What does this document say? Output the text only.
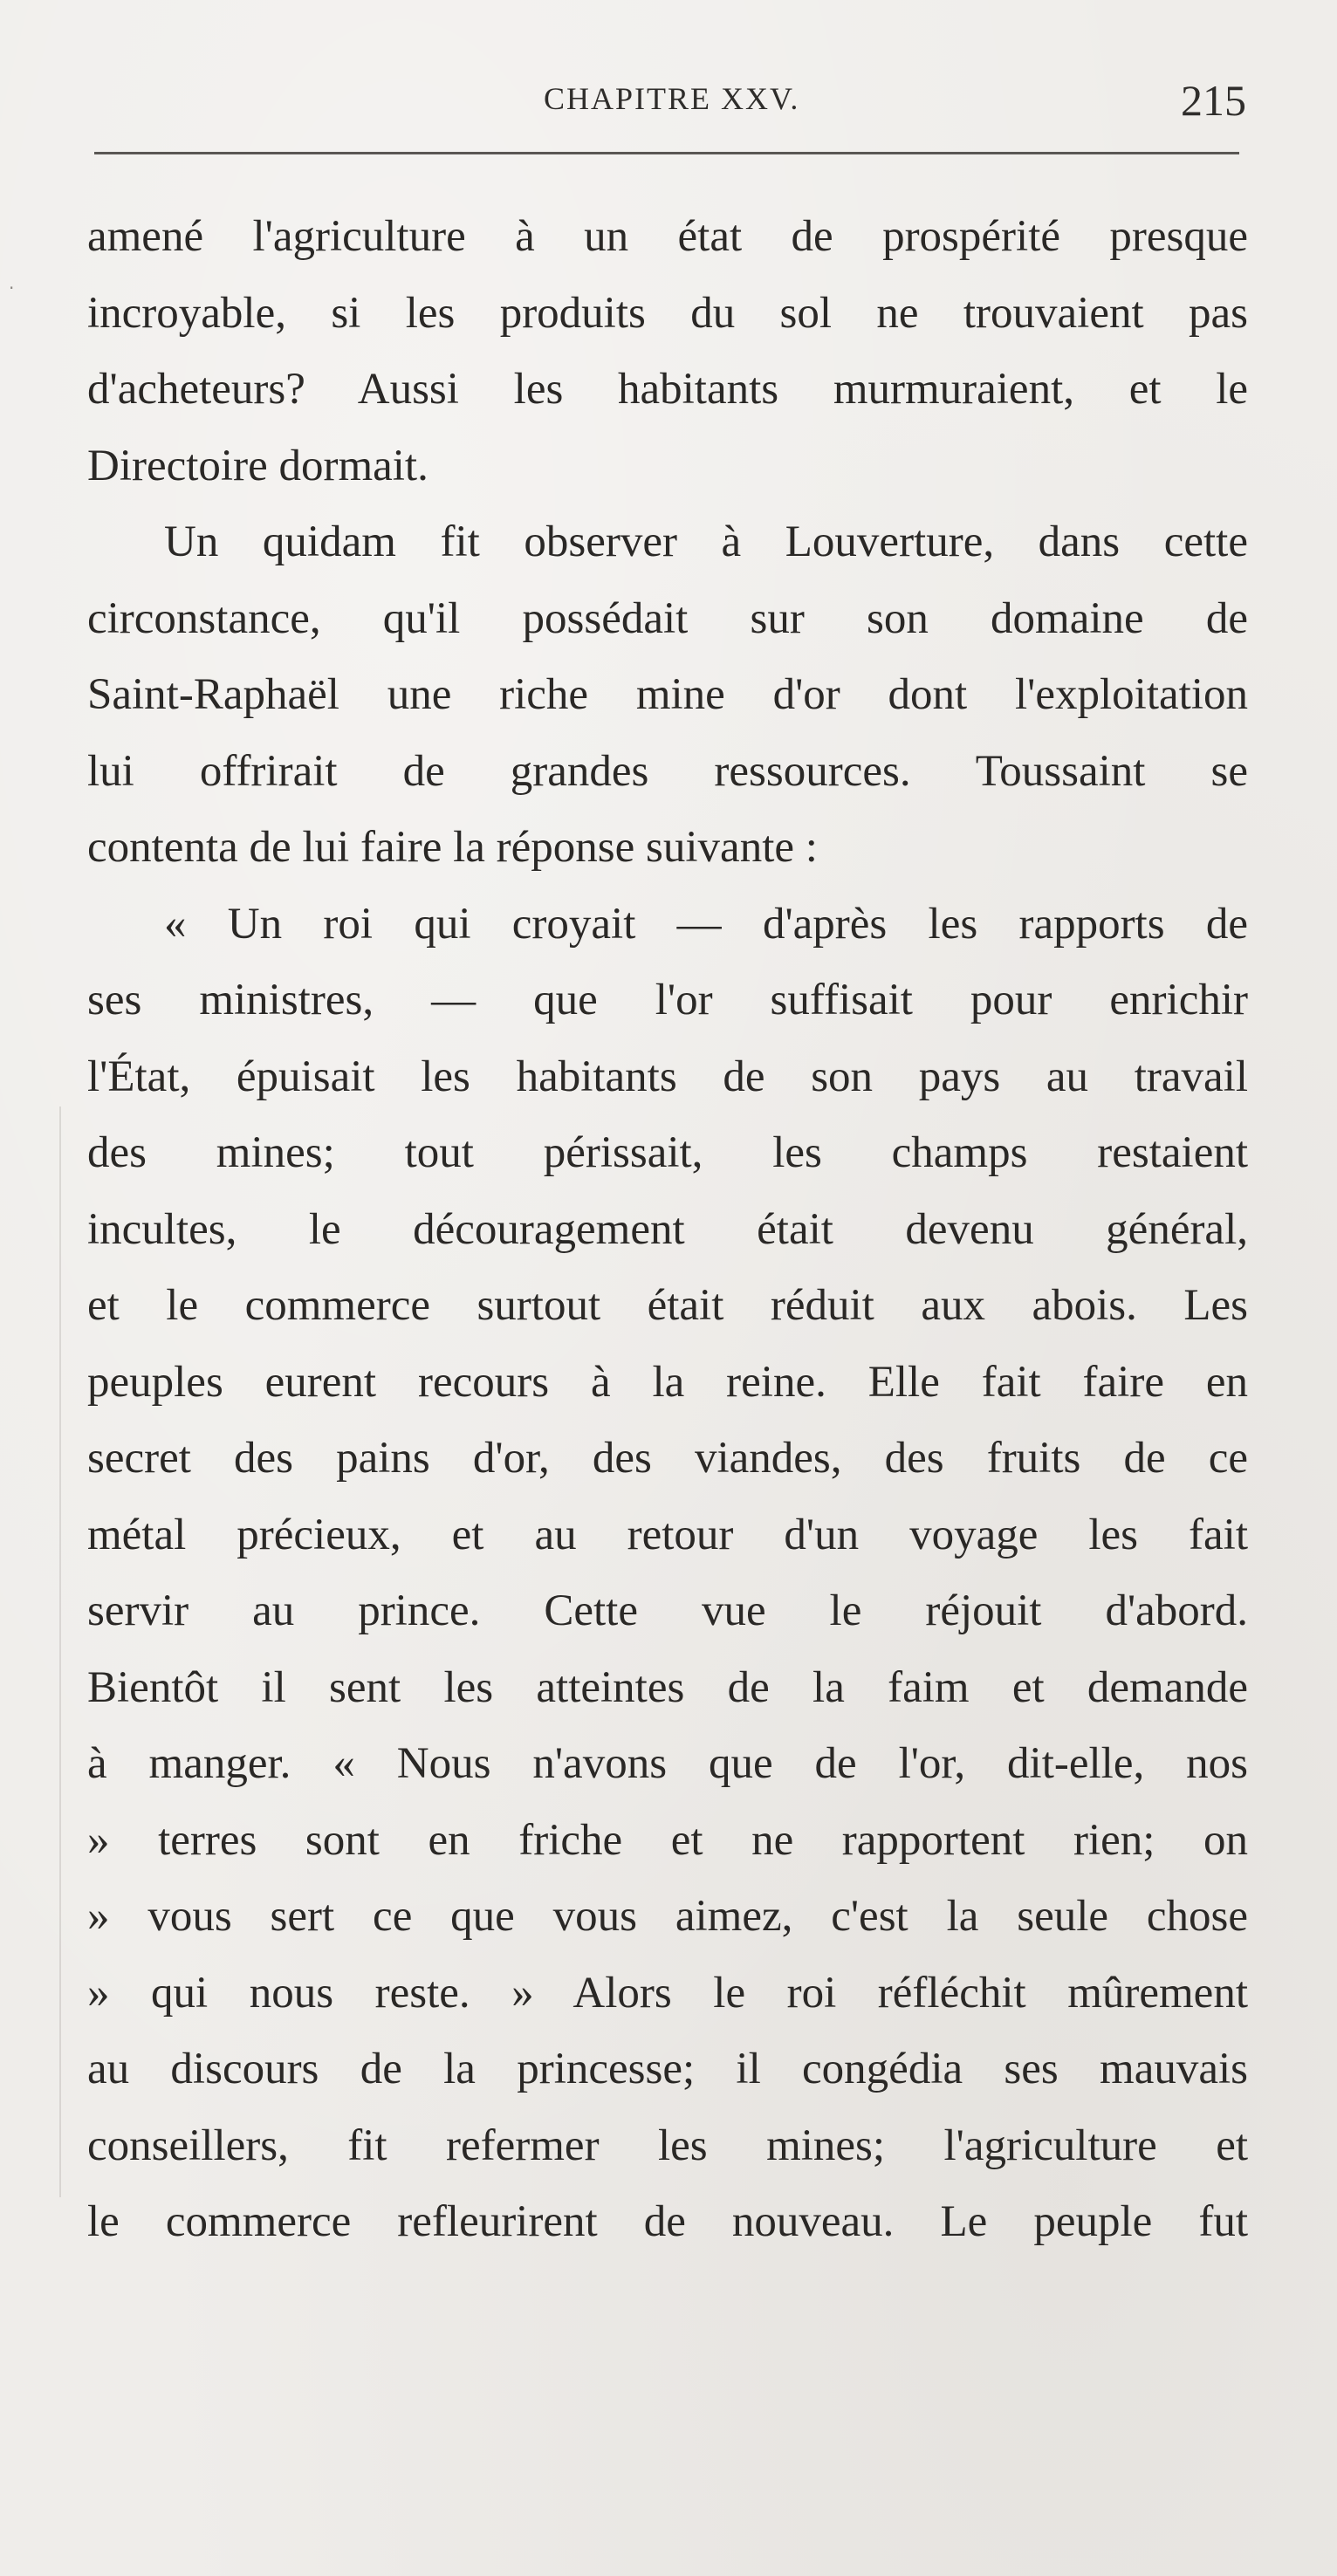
CHAPITRE XXV.	215
·
amené l'agriculture à un état de prospérité presque
incroyable, si les produits du sol ne trouvaient pas
d'acheteurs? Aussi les habitants murmuraient, et le
Directoire dormait.
Un quidam fit observer à Louverture, dans cette
circonstance, qu'il possédait sur son domaine de
Saint-Raphaël une riche mine d'or dont l'exploitation
lui offrirait de grandes ressources. Toussaint se
contenta de lui faire la réponse suivante :
« Un roi qui croyait — d'après les rapports de
ses ministres, — que l'or suffisait pour enrichir
l'État, épuisait les habitants de son pays au travail
des mines; tout périssait, les champs restaient
incultes, le découragement était devenu général,
et le commerce surtout était réduit aux abois. Les
peuples eurent recours à la reine. Elle fait faire en
secret des pains d'or, des viandes, des fruits de ce
métal précieux, et au retour d'un voyage les fait
servir au prince. Cette vue le réjouit d'abord.
Bientôt il sent les atteintes de la faim et demande
à manger. « Nous n'avons que de l'or, dit-elle, nos
» terres sont en friche et ne rapportent rien; on
» vous sert ce que vous aimez, c'est la seule chose
» qui nous reste. » Alors le roi réfléchit mûrement
au discours de la princesse; il congédia ses mauvais
conseillers, fit refermer les mines; l'agriculture et
le commerce refleurirent de nouveau. Le peuple fut
